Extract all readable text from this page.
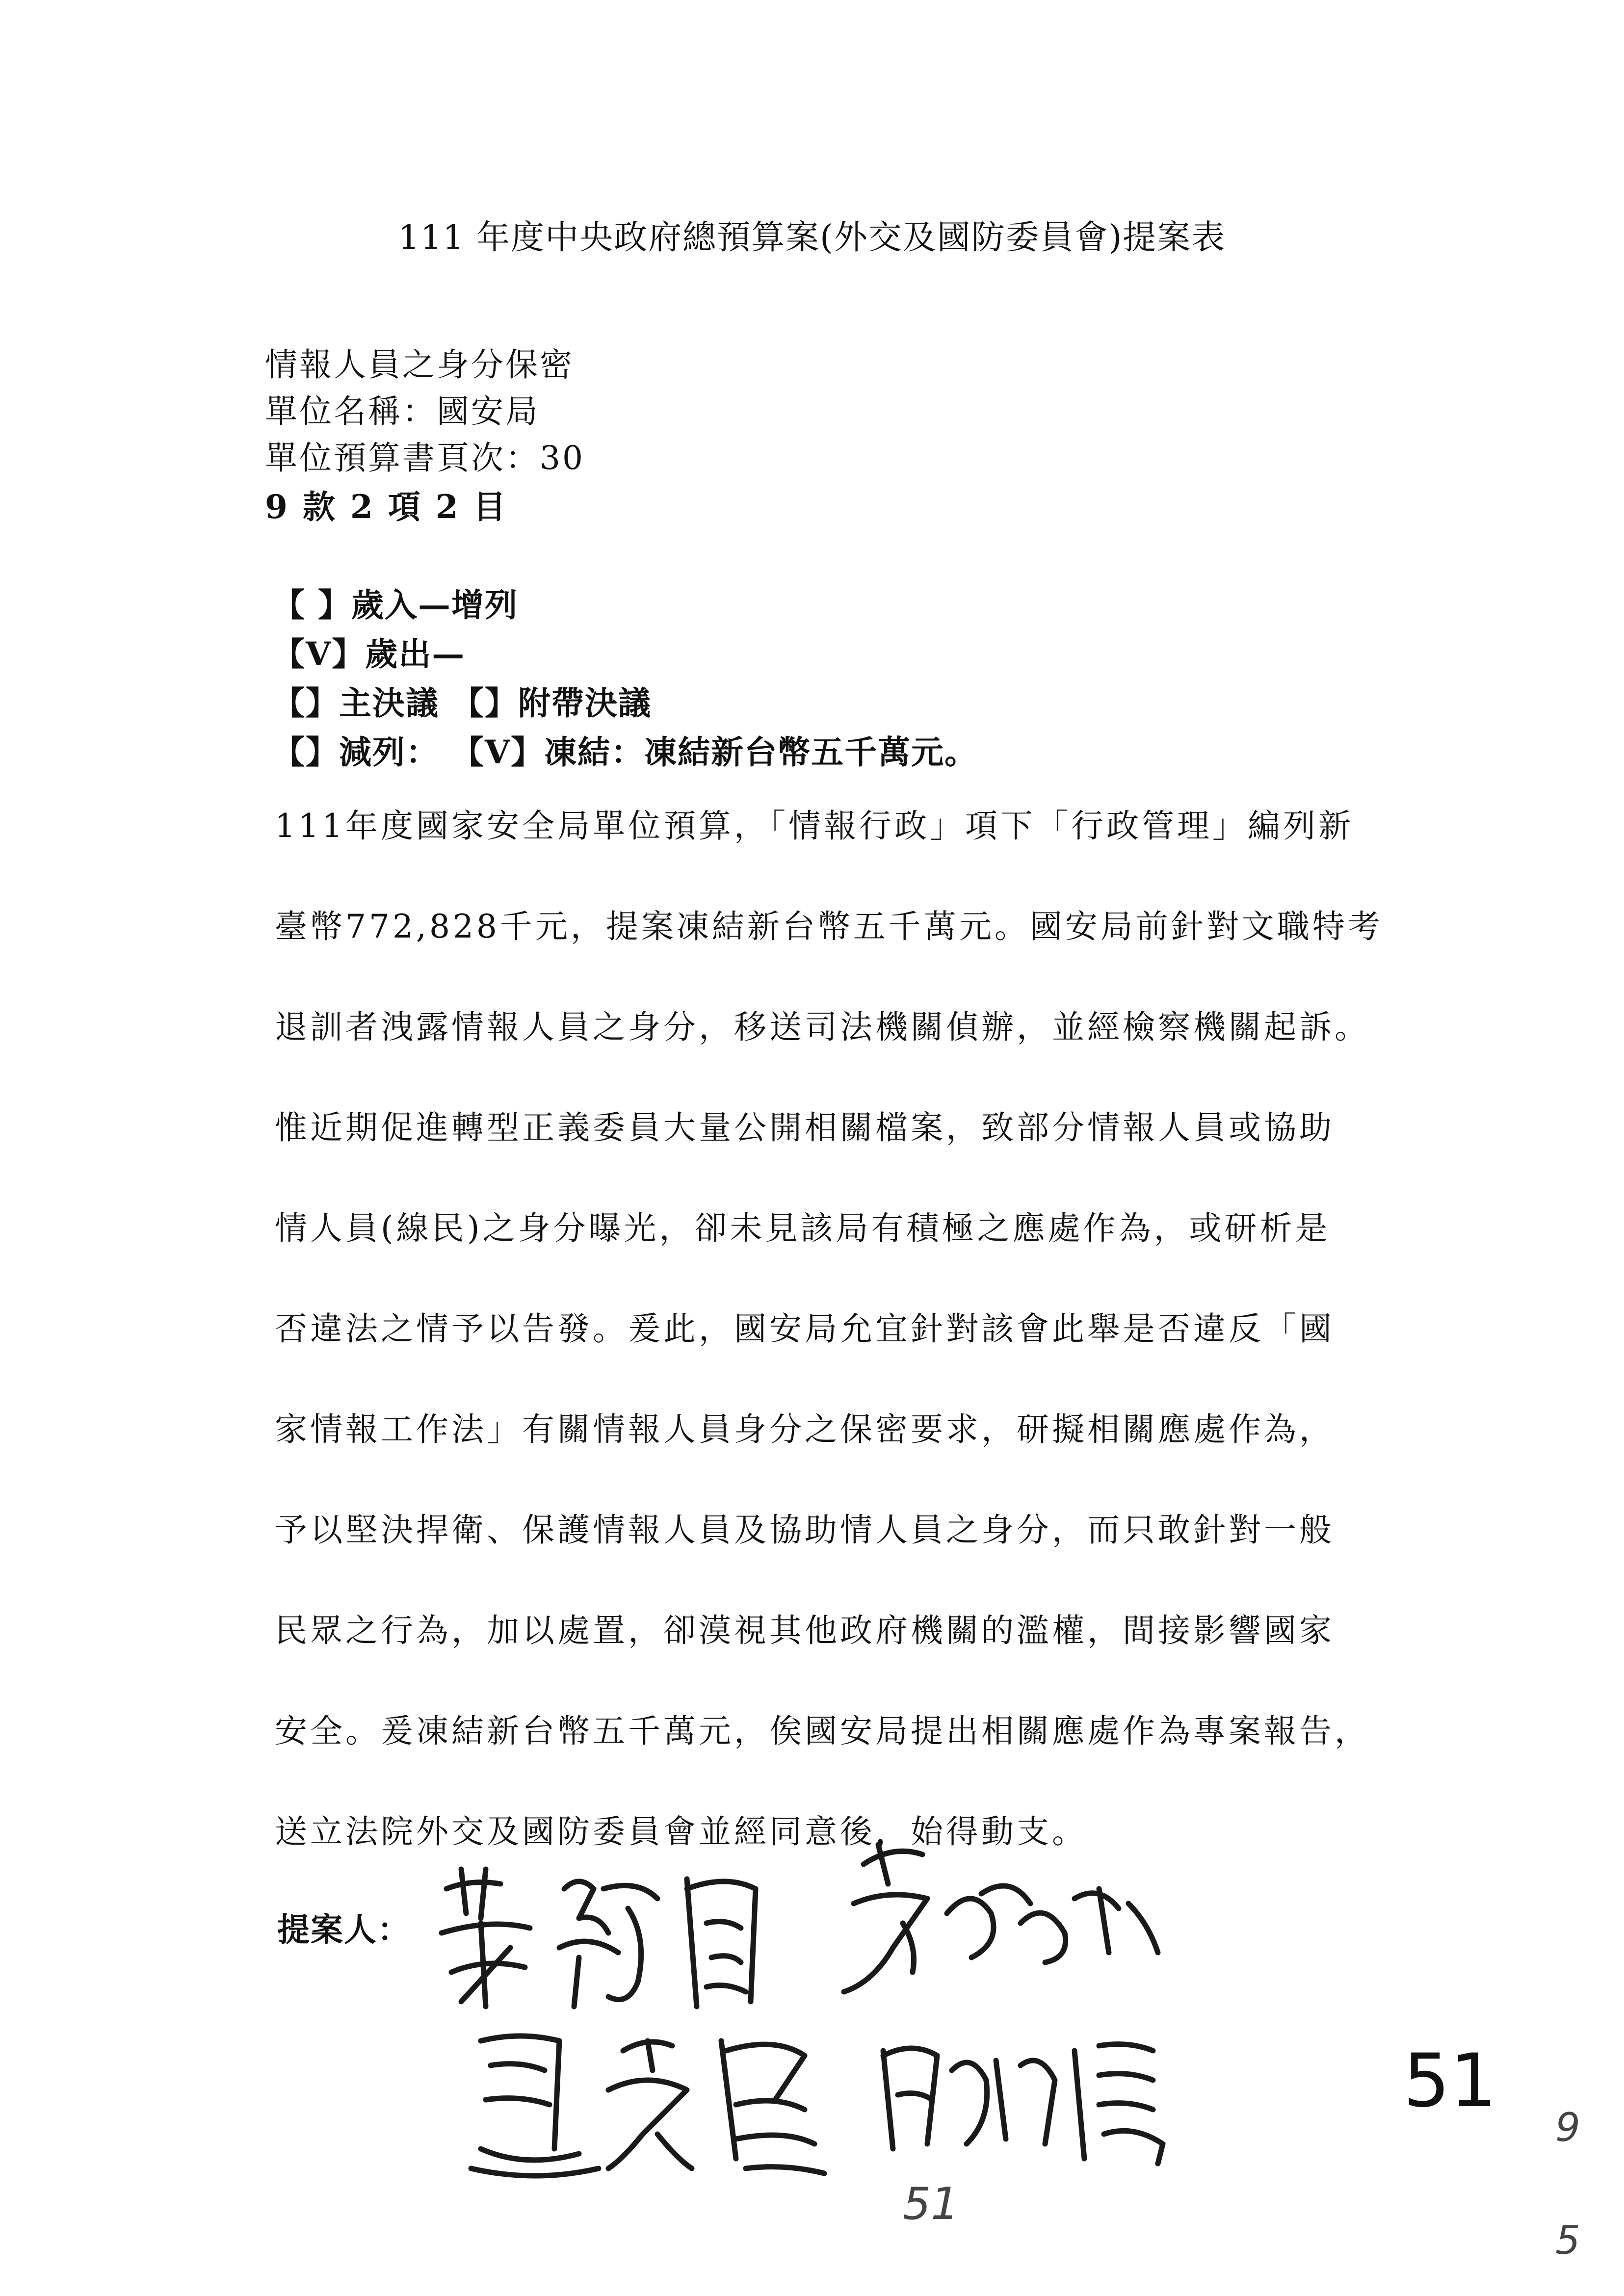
111 年度中央政府總預算案(外交及國防委員會)提案表
情報人員之身分保密
單位名稱：國安局
單位預算書頁次：30
9 款 2 項 2 目
【 】歲入—增列
【V】歲出—
【】主決議 【】附帶決議
【】減列： 【V】凍結：凍結新台幣五千萬元。
111年度國家安全局單位預算，「情報行政」項下「行政管理」編列新
臺幣772,828千元，提案凍結新台幣五千萬元。國安局前針對文職特考
退訓者洩露情報人員之身分，移送司法機關偵辦，並經檢察機關起訴。
惟近期促進轉型正義委員大量公開相關檔案，致部分情報人員或協助
情人員(線民)之身分曝光，卻未見該局有積極之應處作為，或研析是
否違法之情予以告發。爰此，國安局允宜針對該會此舉是否違反「國
家情報工作法」有關情報人員身分之保密要求，研擬相關應處作為，
予以堅決捍衛、保護情報人員及協助情人員之身分，而只敢針對一般
民眾之行為，加以處置，卻漠視其他政府機關的濫權，間接影響國家
安全。爰凍結新台幣五千萬元，俟國安局提出相關應處作為專案報告，
送立法院外交及國防委員會並經同意後，始得動支。
提案人：
51
51
9
5
